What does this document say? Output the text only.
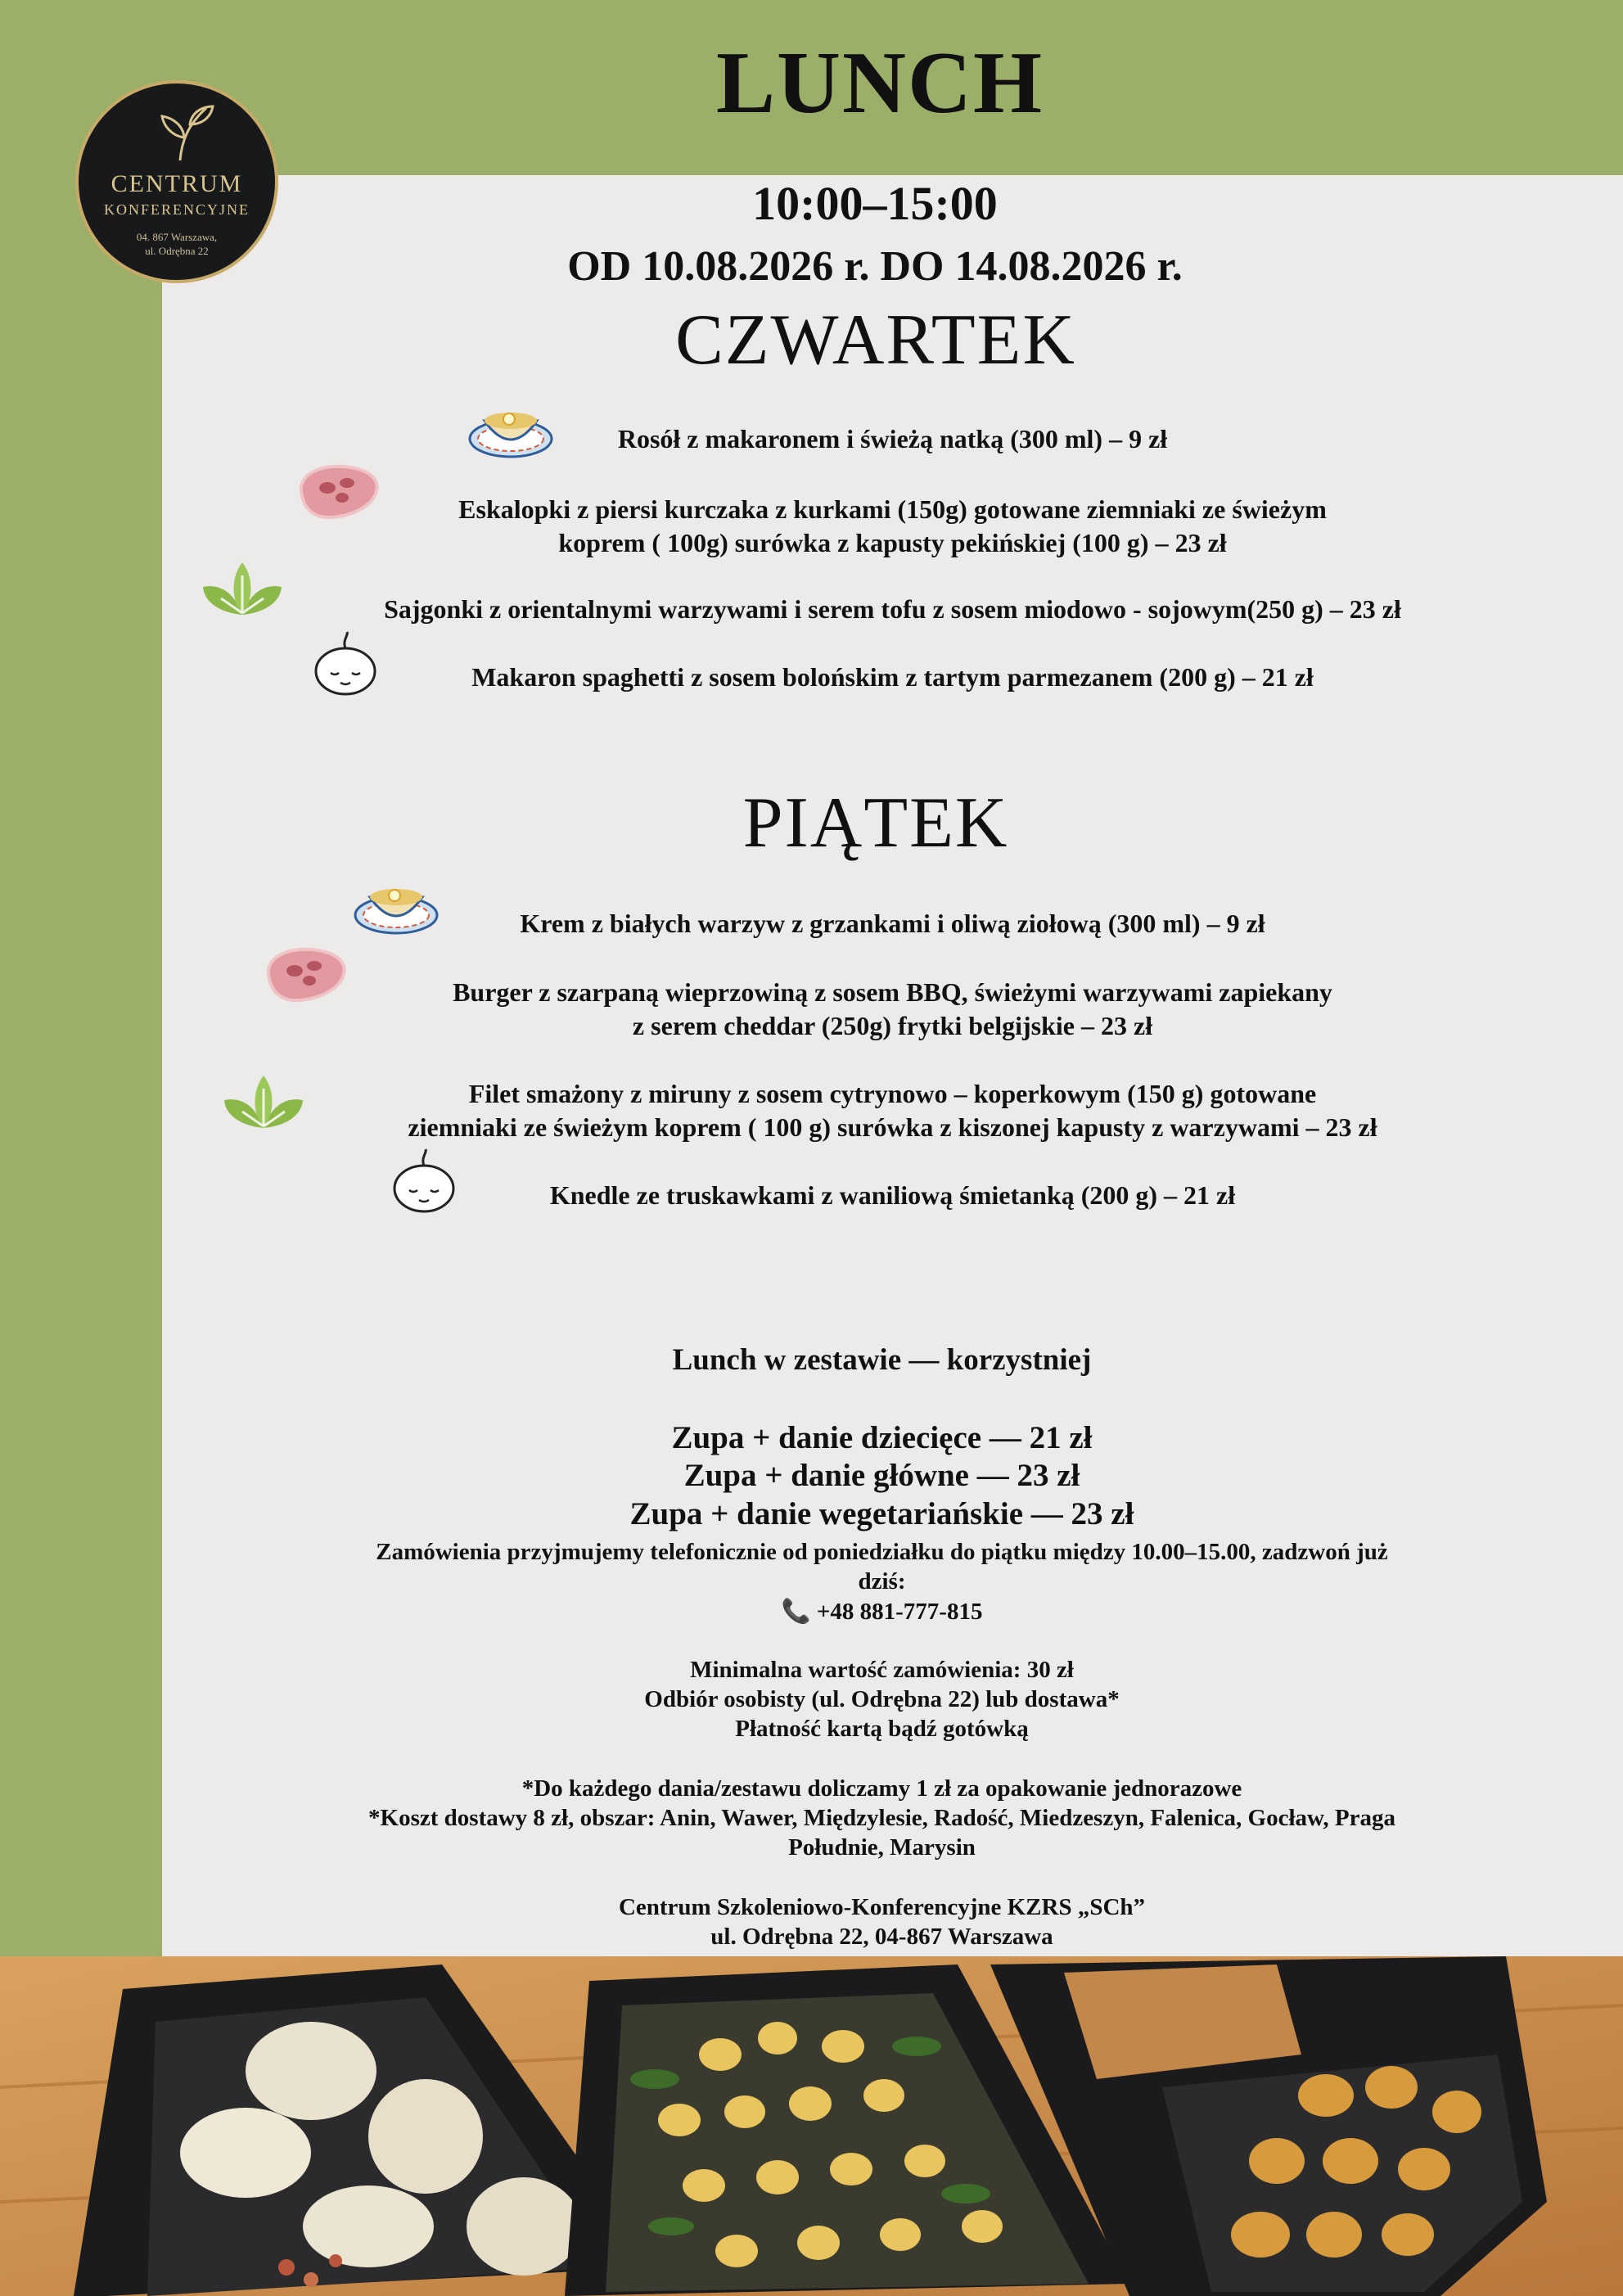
CENTRUM
KONFERENCYJNE
04. 867 Warszawa,
ul. Odrębna 22
LUNCH
10:00–15:00
OD 10.08.2026 r. DO 14.08.2026 r.
CZWARTEK
Rosół z makaronem i świeżą natką (300 ml) – 9 zł
Eskalopki z piersi kurczaka z kurkami (150g) gotowane ziemniaki ze świeżym
koprem ( 100g) surówka z kapusty pekińskiej (100 g) – 23 zł
Sajgonki z orientalnymi warzywami i serem tofu z sosem miodowo - sojowym(250 g) – 23 zł
Makaron spaghetti z sosem bolońskim z tartym parmezanem (200 g) – 21 zł
PIĄTEK
Krem z białych warzyw z grzankami i oliwą ziołową (300 ml) – 9 zł
Burger z szarpaną wieprzowiną z sosem BBQ, świeżymi warzywami zapiekany
z serem cheddar (250g) frytki belgijskie – 23 zł
Filet smażony z miruny z sosem cytrynowo – koperkowym (150 g) gotowane
ziemniaki ze świeżym koprem ( 100 g) surówka z kiszonej kapusty z warzywami – 23 zł
Knedle ze truskawkami z waniliową śmietanką (200 g) – 21 zł
Lunch w zestawie — korzystniej
Zupa + danie dziecięce — 21 zł
Zupa + danie główne — 23 zł
Zupa + danie wegetariańskie — 23 zł
Zamówienia przyjmujemy telefonicznie od poniedziałku do piątku między 10.00–15.00, zadzwoń już
dziś:
📞 +48 881-777-815
Minimalna wartość zamówienia: 30 zł
Odbiór osobisty (ul. Odrębna 22) lub dostawa*
Płatność kartą bądź gotówką
*Do każdego dania/zestawu doliczamy 1 zł za opakowanie jednorazowe
*Koszt dostawy 8 zł, obszar: Anin, Wawer, Międzylesie, Radość, Miedzeszyn, Falenica, Gocław, Praga
Południe, Marysin
Centrum Szkoleniowo-Konferencyjne KZRS „SCh”
ul. Odrębna 22, 04-867 Warszawa
